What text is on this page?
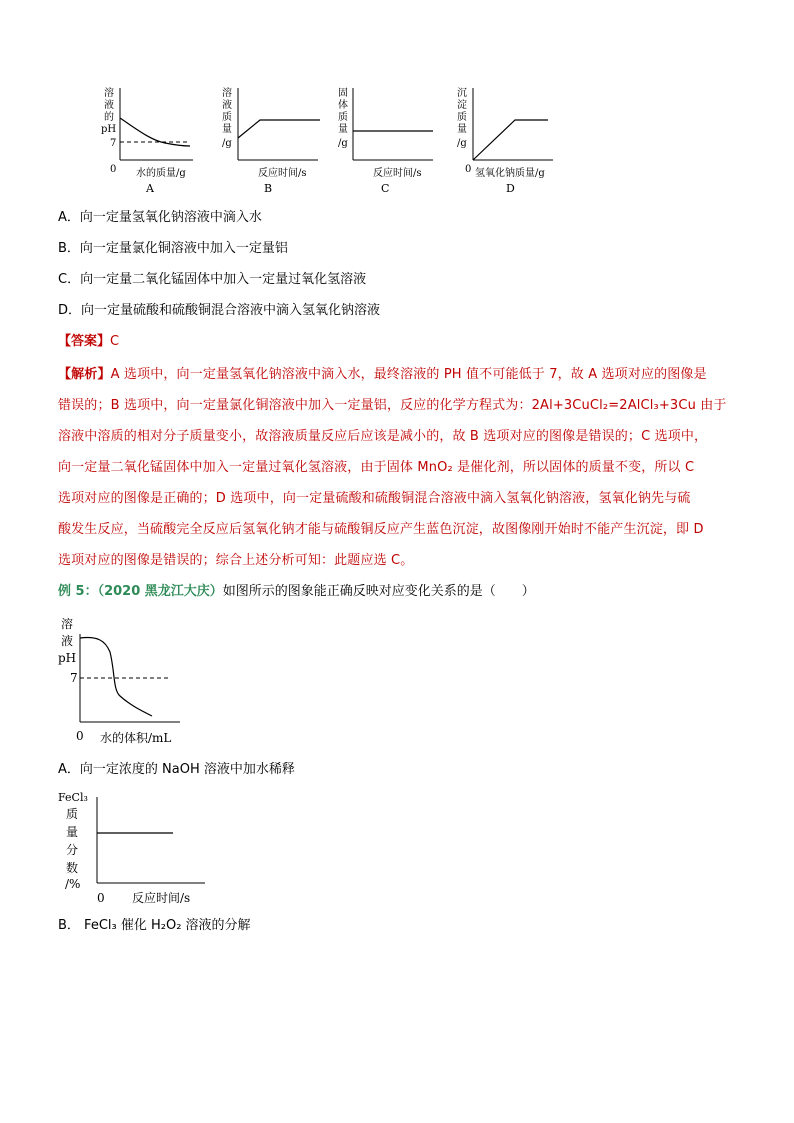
溶
液
的
pH
7
0 水的质量/g
A
溶
液
质
量
/g
反应时间/s
B
固
体
质
量
/g
反应时间/s
C
沉
淀
质
量
/g
0 氢氧化钠质量/g
D
A．向一定量氢氧化钠溶液中滴入水
B．向一定量氯化铜溶液中加入一定量铝
C．向一定量二氧化锰固体中加入一定量过氧化氢溶液
D．向一定量硫酸和硫酸铜混合溶液中滴入氢氧化钠溶液
【答案】C
【解析】A 选项中，向一定量氢氧化钠溶液中滴入水，最终溶液的 PH 值不可能低于 7，故 A 选项对应的图像是
错误的；B 选项中，向一定量氯化铜溶液中加入一定量铝，反应的化学方程式为：2Al+3CuCl₂=2AlCl₃+3Cu 由于
溶液中溶质的相对分子质量变小，故溶液质量反应后应该是减小的，故 B 选项对应的图像是错误的；C 选项中，
向一定量二氧化锰固体中加入一定量过氧化氢溶液，由于固体 MnO₂ 是催化剂，所以固体的质量不变，所以 C
选项对应的图像是正确的；D 选项中，向一定量硫酸和硫酸铜混合溶液中滴入氢氧化钠溶液，氢氧化钠先与硫
酸发生反应，当硫酸完全反应后氢氧化钠才能与硫酸铜反应产生蓝色沉淀，故图像刚开始时不能产生沉淀，即 D
选项对应的图像是错误的；综合上述分析可知：此题应选 C。
例 5：（2020 黑龙江大庆）如图所示的图象能正确反映对应变化关系的是（　　）
溶
液
pH
7
0 水的体积/mL
A．向一定浓度的 NaOH 溶液中加水稀释
FeCl₃
质
量
分
数
/%
0 反应时间/s
B． FeCl₃ 催化 H₂O₂ 溶液的分解
